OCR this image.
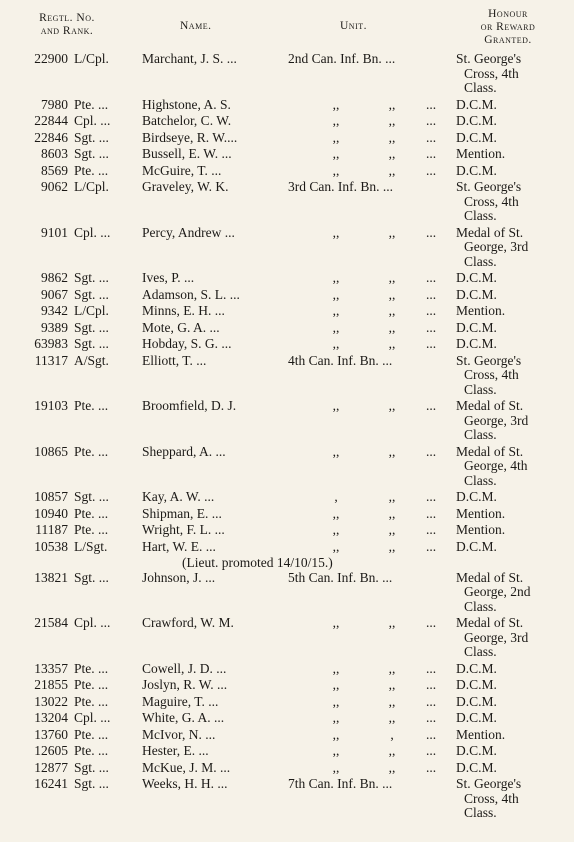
Regtl. No.
and Rank.	Name.	Unit.
Honour
or Reward
Granted.
22900 L/Cpl. Marchant, J. S. ...	2nd Can. Inf. Bn. ...	St. George's
Cross, 4th
Class.
7980 Pte. ...	Highstone, A. S.	,,	,, ... D.C.M.
22844 Cpl. ... Batchelor, C. W.	,,	,, ... D.C.M.
22846 Sgt. ... Birdseye, R. W....	,,	,, ... D.C.M.
8603 Sgt. ... Bussell, E. W. ...	,,	,, ... Mention.
8569 Pte. ...	McGuire, T. ...	,,	,, ... D.C.M.
9062 L/Cpl. Graveley, W. K.	3rd Can. Inf. Bn. ...	St. George's
Cross, 4th
Class.
9101 Cpl. ... Percy, Andrew ...	,,	,, ... Medal of St.
George, 3rd
Class.
9862 Sgt. ... Ives, P. ...	,,	,, ... D.C.M.
9067 Sgt. ... Adamson, S. L. ...	,,	,, ... D.C.M.
9342 L/Cpl. Minns, E. H. ...	,,	,, ... Mention.
9389 Sgt. ... Mote, G. A. ...	,,	,, ... D.C.M.
63983 Sgt. ... Hobday, S. G. ...	,,	,, ... D.C.M.
11317 A/Sgt. Elliott, T. ...	4th Can. Inf. Bn. ...	St. George's
Cross, 4th
Class.
19103 Pte. ...	Broomfield, D. J.	,,	,, ... Medal of St.
George, 3rd
Class.
10865 Pte. ...	Sheppard, A. ...	,,	,, ... Medal of St.
George, 4th
Class.
10857 Sgt. ... Kay, A. W. ...	,	,, ... D.C.M.
10940 Pte. ...	Shipman, E. ...	,,	,, ... Mention.
11187 Pte. ...	Wright, F. L. ...	,,	,, ... Mention.
10538 L/Sgt.	Hart, W. E. ...	,,	,, ... D.C.M.
(Lieut. promoted 14/10/15.)
13821 Sgt. ... Johnson, J. ...	5th Can. Inf. Bn. ...	Medal of St.
George, 2nd
Class.
21584 Cpl. ... Crawford, W. M.	,,	,, ... Medal of St.
George, 3rd
Class.
13357 Pte. ...	Cowell, J. D. ...	,,	,, ... D.C.M.
21855 Pte. ...	Joslyn, R. W. ...	,,	,, ... D.C.M.
13022 Pte. ...	Maguire, T. ...	,,	,, ... D.C.M.
13204 Cpl. ... White, G. A. ...	,,	,, ... D.C.M.
13760 Pte. ...	McIvor, N. ...	,,	,	... Mention.
12605 Pte. ...	Hester, E. ...	,,	,, ... D.C.M.
12877 Sgt. ... McKue, J. M. ...	,,	,, ... D.C.M.
16241 Sgt. ... Weeks, H. H. ...	7th Can. Inf. Bn. ...	St. George's
Cross, 4th
Class.
